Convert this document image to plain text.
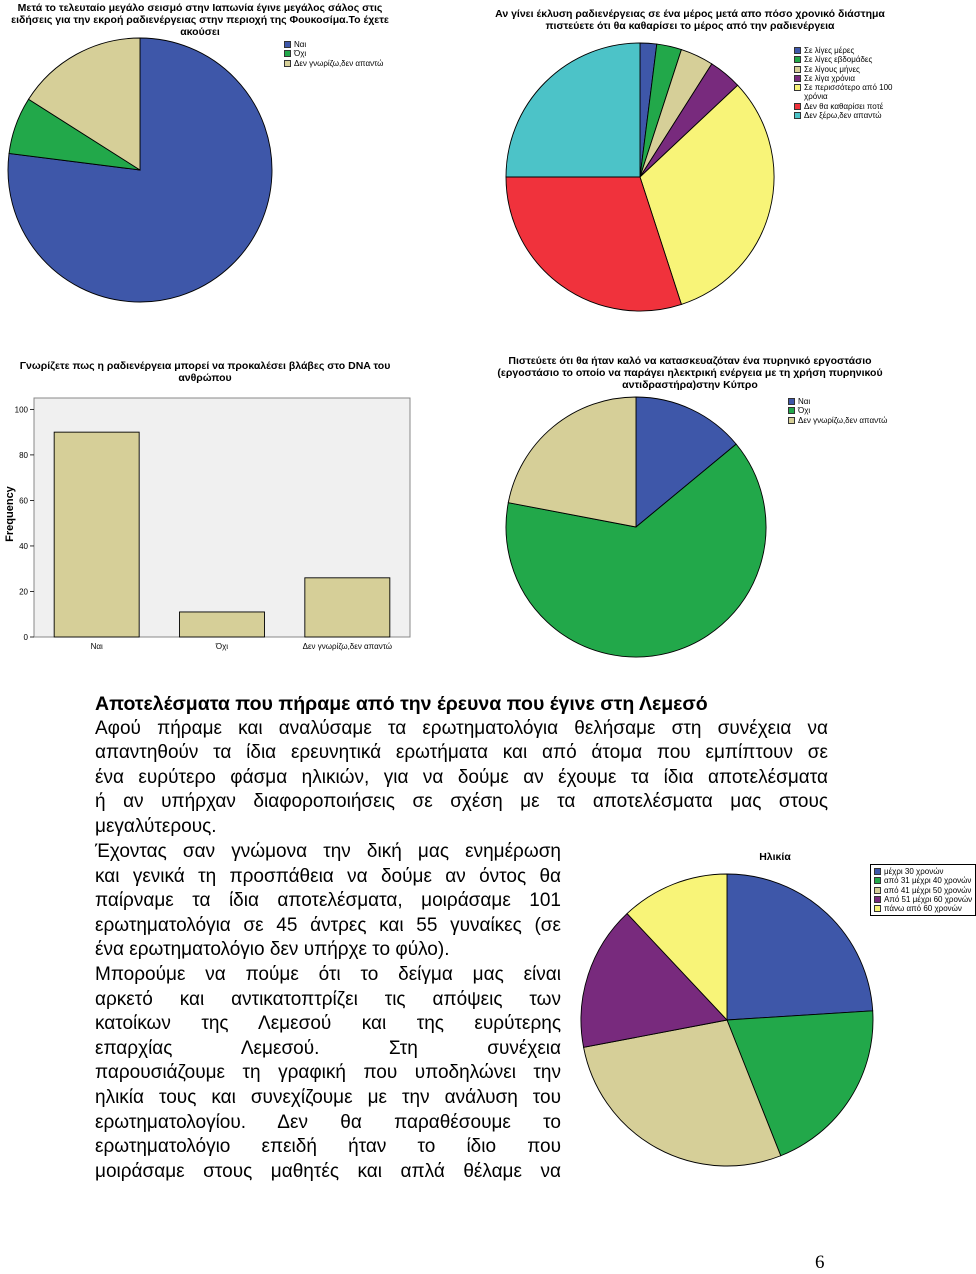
Μετά το τελευταίο μεγάλο σεισμό στην Ιαπωνία έγινε μεγάλος σάλος στις
ειδήσεις για την εκροή ραδιενέργειας στην περιοχή της Φουκοσίμα.Το έχετε
ακούσει
Ναι
Όχι
Δεν γνωρίζω,δεν απαντώ
Αν γίνει έκλυση ραδιενέργειας σε ένα μέρος μετά απο πόσο χρονικό διάστημα
πιστεύετε ότι θα καθαρίσει το μέρος από την ραδιενέργεια
Σε λίγες μέρες
Σε λίγες εβδομάδες
Σε λίγους μήνες
Σε λίγα χρόνια
Σε περισσότερο από 100
χρόνια
Δεν θα καθαρίσει ποτέ
Δεν ξέρω,δεν απαντώ
Γνωρίζετε πως η ραδιενέργεια μπορεί να προκαλέσει βλάβες στο DNA του
ανθρώπου
Frequency
0
20
40
60
80
100
Ναι	Όχι	Δεν γνωρίζω,δεν απαντώ
Πιστεύετε ότι θα ήταν καλό να κατασκευαζόταν ένα πυρηνικό εργοστάσιο
(εργοστάσιο το οποίο να παράγει ηλεκτρική ενέργεια με τη χρήση πυρηνικού
αντιδραστήρα)στην Κύπρο
Ναι
Όχι
Δεν γνωρίζω,δεν απαντώ
Αποτελέσματα που πήραμε από την έρευνα που έγινε στη Λεμεσό
Αφού πήραμε και αναλύσαμε τα ερωτηματολόγια θελήσαμε στη συνέχεια να
απαντηθούν τα ίδια ερευνητικά ερωτήματα και από άτομα που εμπίπτουν σε
ένα ευρύτερο φάσμα ηλικιών, για να δούμε αν έχουμε τα ίδια αποτελέσματα
ή αν υπήρχαν διαφοροποιήσεις σε σχέση με τα αποτελέσματα μας στους
μεγαλύτερους.
Έχοντας σαν γνώμονα την δική μας ενημέρωση
και γενικά τη προσπάθεια να δούμε αν όντος θα
παίρναμε τα ίδια αποτελέσματα, μοιράσαμε 101
ερωτηματολόγια σε 45 άντρες και 55 γυναίκες (σε
ένα ερωτηματολόγιο δεν υπήρχε το φύλο).
Μπορούμε να πούμε ότι το δείγμα μας είναι
αρκετό και αντικατοπτρίζει τις απόψεις των
κατοίκων της Λεμεσού και της ευρύτερης
επαρχίας Λεμεσού. Στη συνέχεια
παρουσιάζουμε τη γραφική που υποδηλώνει την
ηλικία τους και συνεχίζουμε με την ανάλυση του
ερωτηματολογίου. Δεν θα παραθέσουμε το
ερωτηματολόγιο επειδή ήταν το ίδιο που
μοιράσαμε στους μαθητές και απλά θέλαμε να
Ηλικία
μέχρι 30 χρονών
από 31 μέχρι 40 χρονών
από 41 μέχρι 50 χρονών
Από 51 μέχρι 60 χρονών
πάνω από 60 χρονών
6
